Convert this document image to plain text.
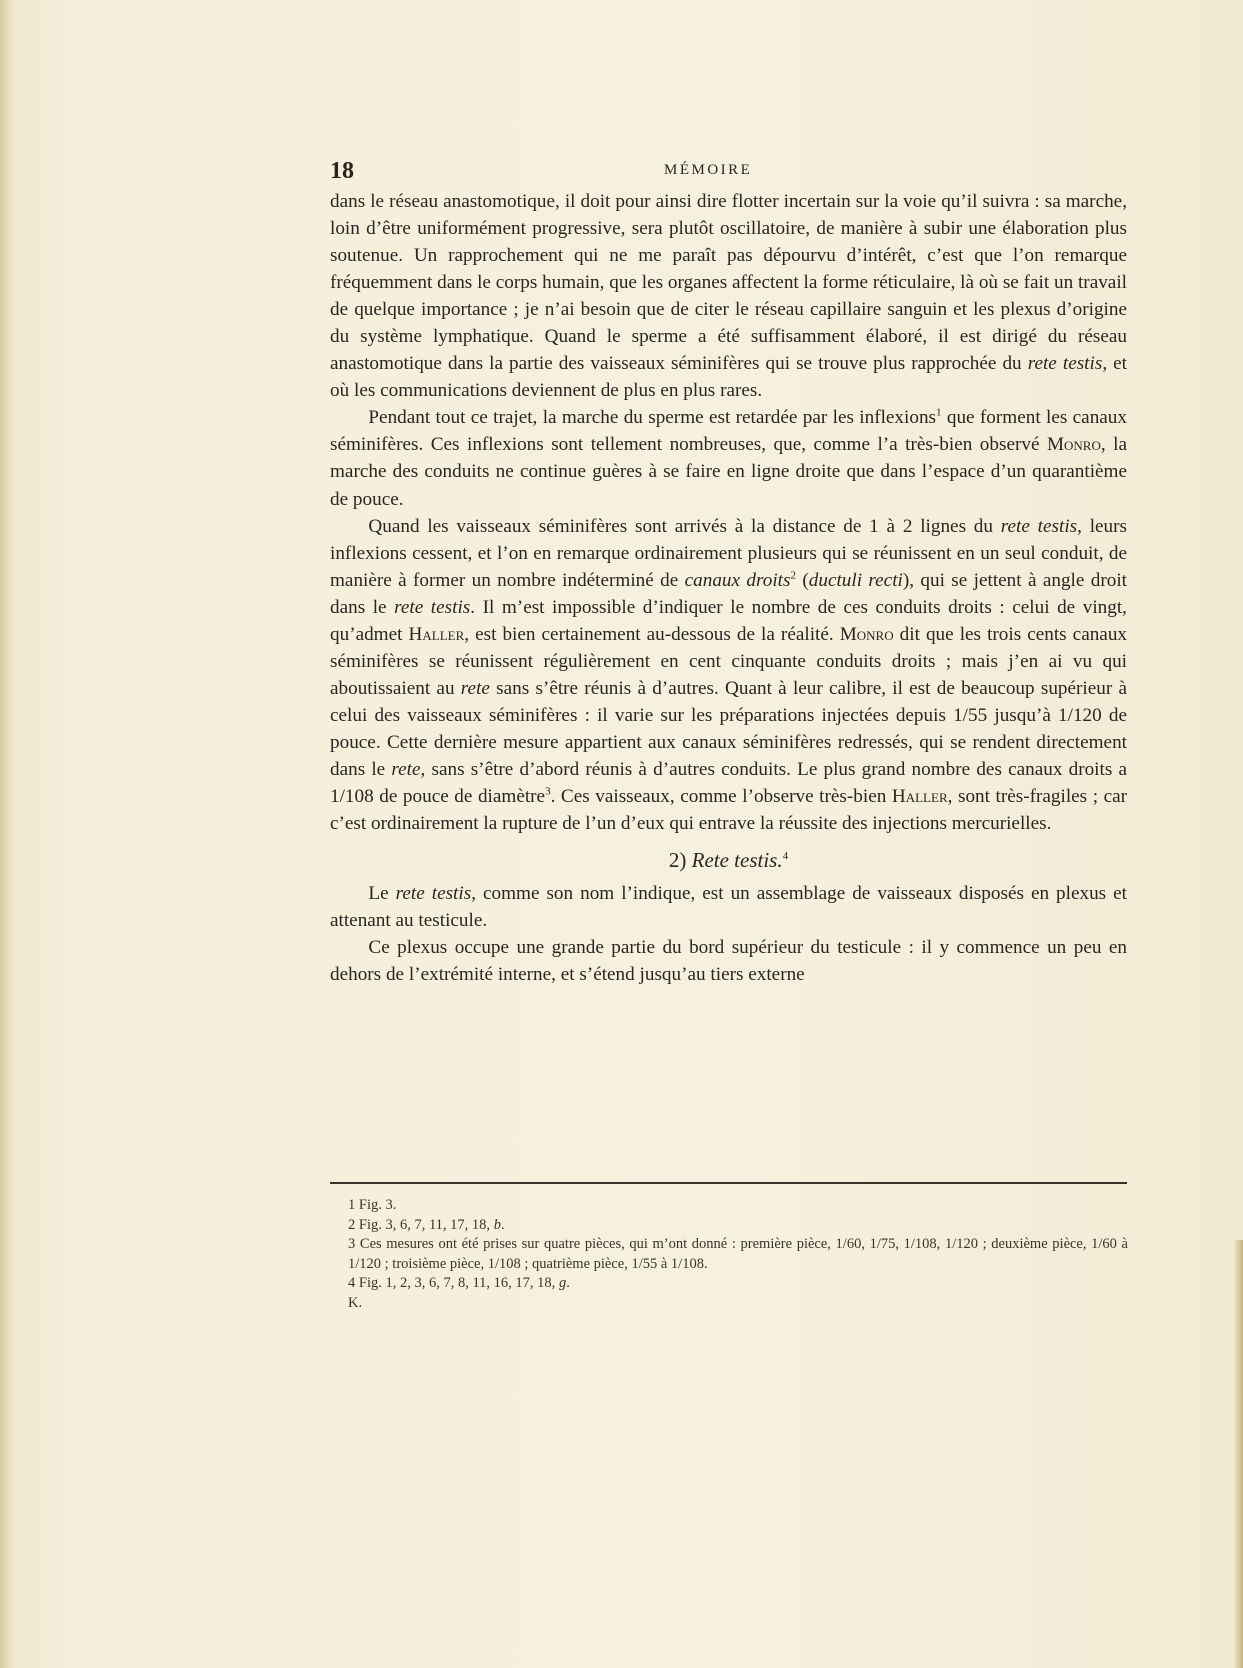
18	MÉMOIRE

dans le réseau anastomotique, il doit pour ainsi dire flotter incertain sur la voie qu’il suivra : sa marche, loin d’être uniformément progressive, sera plutôt oscillatoire, de manière à subir une élaboration plus soutenue. Un rapprochement qui ne me paraît pas dépourvu d’intérêt, c’est que l’on remarque fréquemment dans le corps humain, que les organes affectent la forme réticulaire, là où se fait un travail de quelque importance ; je n’ai besoin que de citer le réseau capillaire sanguin et les plexus d’origine du système lymphatique. Quand le sperme a été suffisamment élaboré, il est dirigé du réseau anastomotique dans la partie des vaisseaux séminifères qui se trouve plus rapprochée du rete testis, et où les communications deviennent de plus en plus rares.

Pendant tout ce trajet, la marche du sperme est retardée par les inflexions$^1$ que forment les canaux séminifères. Ces inflexions sont tellement nombreuses, que, comme l’a très-bien observé Monro, la marche des conduits ne continue guères à se faire en ligne droite que dans l’espace d’un quarantième de pouce.

Quand les vaisseaux séminifères sont arrivés à la distance de 1 à 2 lignes du rete testis, leurs inflexions cessent, et l’on en remarque ordinairement plusieurs qui se réunissent en un seul conduit, de manière à former un nombre indéterminé de canaux droits$^2$ (ductuli recti), qui se jettent à angle droit dans le rete testis. Il m’est impossible d’indiquer le nombre de ces conduits droits : celui de vingt, qu’admet Haller, est bien certainement au-dessous de la réalité. Monro dit que les trois cents canaux séminifères se réunissent régulièrement en cent cinquante conduits droits ; mais j’en ai vu qui aboutissaient au rete sans s’être réunis à d’autres. Quant à leur calibre, il est de beaucoup supérieur à celui des vaisseaux séminifères : il varie sur les préparations injectées depuis 1/55 jusqu’à 1/120 de pouce. Cette dernière mesure appartient aux canaux séminifères redressés, qui se rendent directement dans le rete, sans s’être d’abord réunis à d’autres conduits. Le plus grand nombre des canaux droits a 1/108 de pouce de diamètre$^3$. Ces vaisseaux, comme l’observe très-bien Haller, sont très-fragiles ; car c’est ordinairement la rupture de l’un d’eux qui entrave la réussite des injections mercurielles.

2) Rete testis.$^4$

Le rete testis, comme son nom l’indique, est un assemblage de vaisseaux disposés en plexus et attenant au testicule.

Ce plexus occupe une grande partie du bord supérieur du testicule : il y commence un peu en dehors de l’extrémité interne, et s’étend jusqu’au tiers externe

1 Fig. 3.

2 Fig. 3, 6, 7, 11, 17, 18, b.

3 Ces mesures ont été prises sur quatre pièces, qui m’ont donné : première pièce, 1/60, 1/75, 1/108, 1/120 ; deuxième pièce, 1/60 à 1/120 ; troisième pièce, 1/108 ; quatrième pièce, 1/55 à 1/108.

4 Fig. 1, 2, 3, 6, 7, 8, 11, 16, 17, 18, g.

K.
